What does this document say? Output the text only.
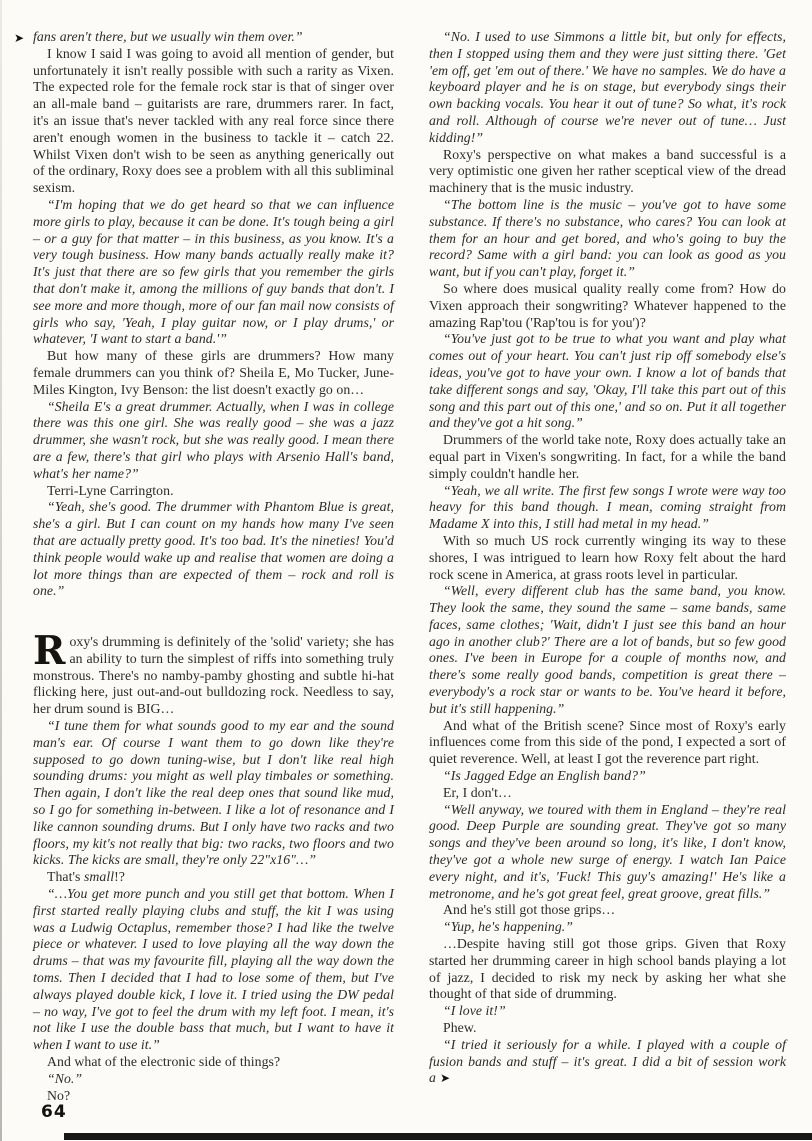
➤ fans aren't there, but we usually win them over.”

I know I said I was going to avoid all mention of gender, but unfortunately it isn't really possible with such a rarity as Vixen. The expected role for the female rock star is that of singer over an all-male band – guitarists are rare, drummers rarer. In fact, it's an issue that's never tackled with any real force since there aren't enough women in the business to tackle it – catch 22. Whilst Vixen don't wish to be seen as anything generically out of the ordinary, Roxy does see a problem with all this subliminal sexism.

“I'm hoping that we do get heard so that we can influence more girls to play, because it can be done. It's tough being a girl – or a guy for that matter – in this business, as you know. It's a very tough business. How many bands actually really make it? It's just that there are so few girls that you remember the girls that don't make it, among the millions of guy bands that don't. I see more and more though, more of our fan mail now consists of girls who say, 'Yeah, I play guitar now, or I play drums,' or whatever, 'I want to start a band.'”

But how many of these girls are drummers? How many female drummers can you think of? Sheila E, Mo Tucker, June-Miles Kington, Ivy Benson: the list doesn't exactly go on…

“Sheila E's a great drummer. Actually, when I was in college there was this one girl. She was really good – she was a jazz drummer, she wasn't rock, but she was really good. I mean there are a few, there's that girl who plays with Arsenio Hall's band, what's her name?”

Terri-Lyne Carrington.

“Yeah, she's good. The drummer with Phantom Blue is great, she's a girl. But I can count on my hands how many I've seen that are actually pretty good. It's too bad. It's the nineties! You'd think people would wake up and realise that women are doing a lot more things than are expected of them – rock and roll is one.”

Roxy's drumming is definitely of the 'solid' variety; she has an ability to turn the simplest of riffs into something truly monstrous. There's no namby-pamby ghosting and subtle hi-hat flicking here, just out-and-out bulldozing rock. Needless to say, her drum sound is BIG…

“I tune them for what sounds good to my ear and the sound man's ear. Of course I want them to go down like they're supposed to go down tuning-wise, but I don't like real high sounding drums: you might as well play timbales or something. Then again, I don't like the real deep ones that sound like mud, so I go for something in-between. I like a lot of resonance and I like cannon sounding drums. But I only have two racks and two floors, my kit's not really that big: two racks, two floors and two kicks. The kicks are small, they're only 22"x16"…”

That's small!?

“…You get more punch and you still get that bottom. When I first started really playing clubs and stuff, the kit I was using was a Ludwig Octaplus, remember those? I had like the twelve piece or whatever. I used to love playing all the way down the drums – that was my favourite fill, playing all the way down the toms. Then I decided that I had to lose some of them, but I've always played double kick, I love it. I tried using the DW pedal – no way, I've got to feel the drum with my left foot. I mean, it's not like I use the double bass that much, but I want to have it when I want to use it.”

And what of the electronic side of things?

“No.”

No?

“No. I used to use Simmons a little bit, but only for effects, then I stopped using them and they were just sitting there. 'Get 'em off, get 'em out of there.' We have no samples. We do have a keyboard player and he is on stage, but everybody sings their own backing vocals. You hear it out of tune? So what, it's rock and roll. Although of course we're never out of tune… Just kidding!”

Roxy's perspective on what makes a band successful is a very optimistic one given her rather sceptical view of the dread machinery that is the music industry.

“The bottom line is the music – you've got to have some substance. If there's no substance, who cares? You can look at them for an hour and get bored, and who's going to buy the record? Same with a girl band: you can look as good as you want, but if you can't play, forget it.”

So where does musical quality really come from? How do Vixen approach their songwriting? Whatever happened to the amazing Rap'tou ('Rap'tou is for you')?

“You've just got to be true to what you want and play what comes out of your heart. You can't just rip off somebody else's ideas, you've got to have your own. I know a lot of bands that take different songs and say, 'Okay, I'll take this part out of this song and this part out of this one,' and so on. Put it all together and they've got a hit song.”

Drummers of the world take note, Roxy does actually take an equal part in Vixen's songwriting. In fact, for a while the band simply couldn't handle her.

“Yeah, we all write. The first few songs I wrote were way too heavy for this band though. I mean, coming straight from Madame X into this, I still had metal in my head.”

With so much US rock currently winging its way to these shores, I was intrigued to learn how Roxy felt about the hard rock scene in America, at grass roots level in particular.

“Well, every different club has the same band, you know. They look the same, they sound the same – same bands, same faces, same clothes; 'Wait, didn't I just see this band an hour ago in another club?' There are a lot of bands, but so few good ones. I've been in Europe for a couple of months now, and there's some really good bands, competition is great there – everybody's a rock star or wants to be. You've heard it before, but it's still happening.”

And what of the British scene? Since most of Roxy's early influences come from this side of the pond, I expected a sort of quiet reverence. Well, at least I got the reverence part right.

“Is Jagged Edge an English band?”

Er, I don't…

“Well anyway, we toured with them in England – they're real good. Deep Purple are sounding great. They've got so many songs and they've been around so long, it's like, I don't know, they've got a whole new surge of energy. I watch Ian Paice every night, and it's, 'Fuck! This guy's amazing!' He's like a metronome, and he's got great feel, great groove, great fills.”

And he's still got those grips…

“Yup, he's happening.”

…Despite having still got those grips. Given that Roxy started her drumming career in high school bands playing a lot of jazz, I decided to risk my neck by asking her what she thought of that side of drumming.

“I love it!”

Phew.

“I tried it seriously for a while. I played with a couple of fusion bands and stuff – it's great. I did a bit of session work a ➤

64
